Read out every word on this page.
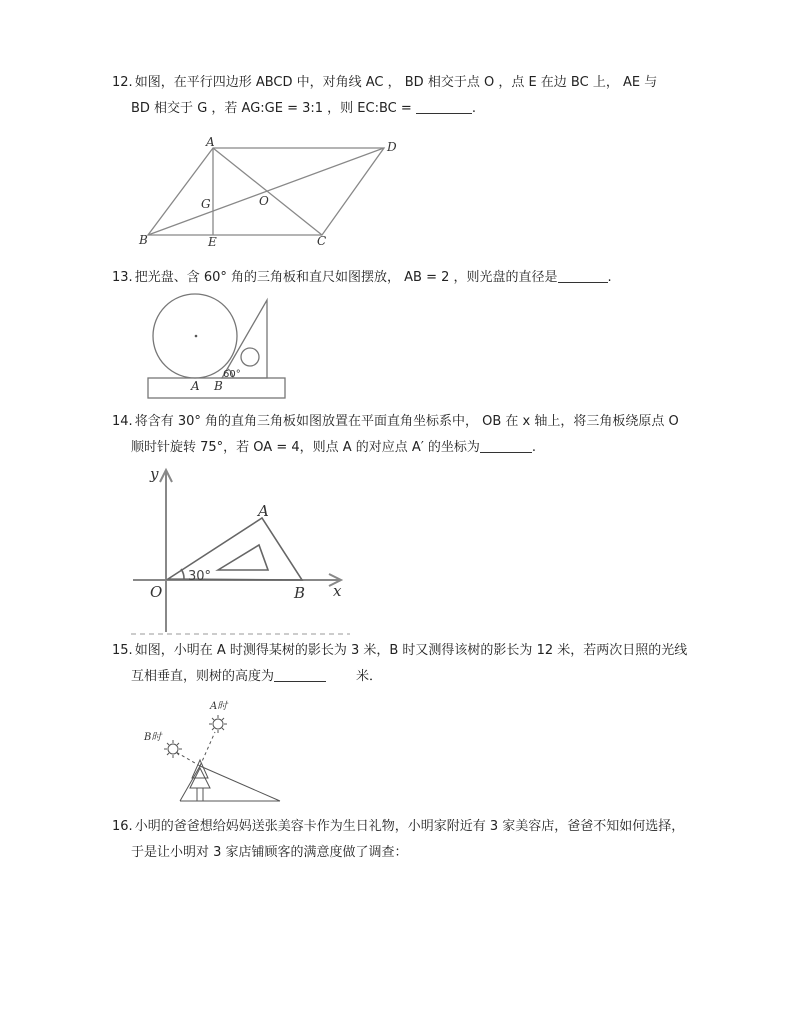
12. 如图，在平行四边形 ABCD 中，对角线 AC ， BD 相交于点 O ，点 E 在边 BC 上， AE 与
BD 相交于 G ，若 AG:GE = 3:1 ，则 EC:BC =	.
A	D
B	C
E
G	O
13. 把光盘、含 60° 角的三角板和直尺如图摆放， AB = 2 ，则光盘的直径是	.
A B
60°
14. 将含有 30° 角的直角三角板如图放置在平面直角坐标系中， OB 在 x 轴上，将三角板绕原点 O
顺时针旋转 75°，若 OA = 4，则点 A 的对应点 A′ 的坐标为	.
y
x
O
A
B
30°
15. 如图，小明在 A 时测得某树的影长为 3 米，B 时又测得该树的影长为 12 米，若两次日照的光线
互相垂直，则树的高度为	米．
A时
B时
16. 小明的爸爸想给妈妈送张美容卡作为生日礼物，小明家附近有 3 家美容店，爸爸不知如何选择，
于是让小明对 3 家店铺顾客的满意度做了调查：
